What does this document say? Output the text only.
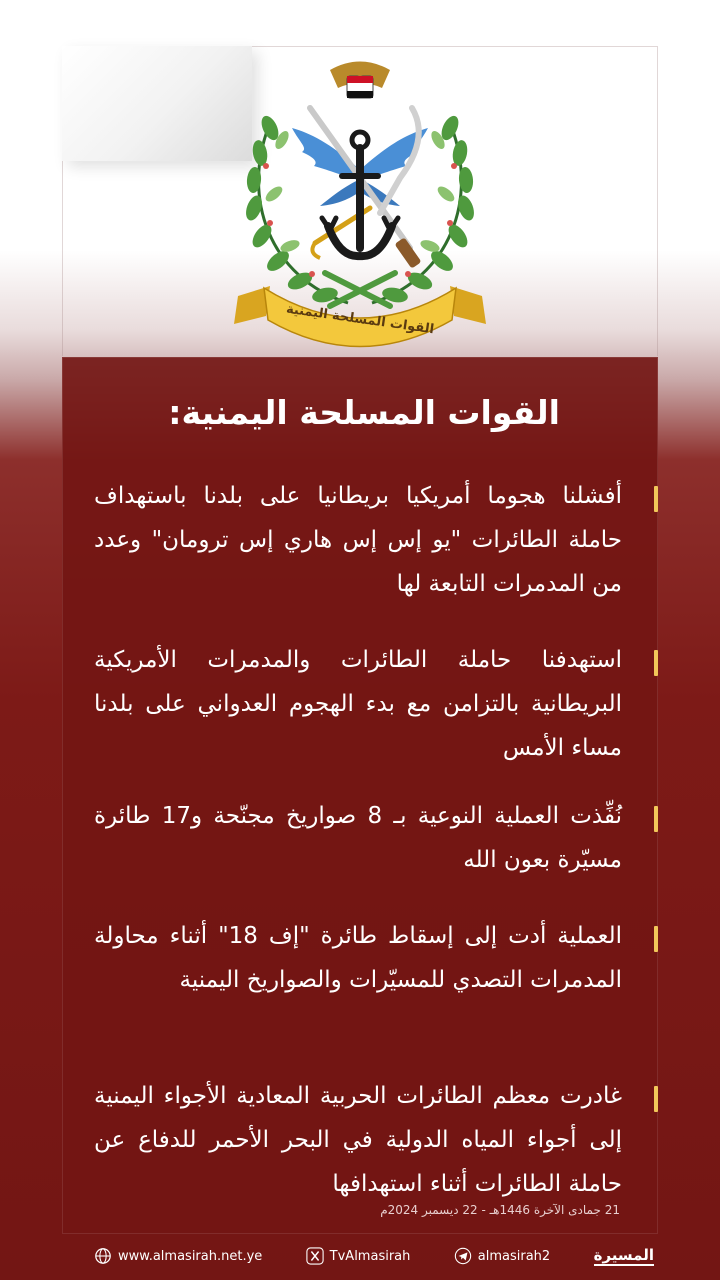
القوات المسلحة اليمنية
القوات المسلحة اليمنية:
أفشلنا هجوما أمريكيا بريطانيا على بلدنا باستهداف حاملة الطائرات "يو إس إس هاري إس ترومان" وعدد من المدمرات التابعة لها
استهدفنا حاملة الطائرات والمدمرات الأمريكية البريطانية بالتزامن مع بدء الهجوم العدواني على بلدنا مساء الأمس
نُفِّذت العملية النوعية بـ 8 صواريخ مجنّحة و17 طائرة مسيّرة بعون الله
العملية أدت إلى إسقاط طائرة "إف 18" أثناء محاولة المدمرات التصدي للمسيّرات والصواريخ اليمنية
غادرت معظم الطائرات الحربية المعادية الأجواء اليمنية إلى أجواء المياه الدولية في البحر الأحمر للدفاع عن حاملة الطائرات أثناء استهدافها
21 جمادى الآخرة 1446هـ - 22 ديسمبر 2024م
www.almasirah.net.ye	TvAlmasirah	almasirah2	المسيرة
